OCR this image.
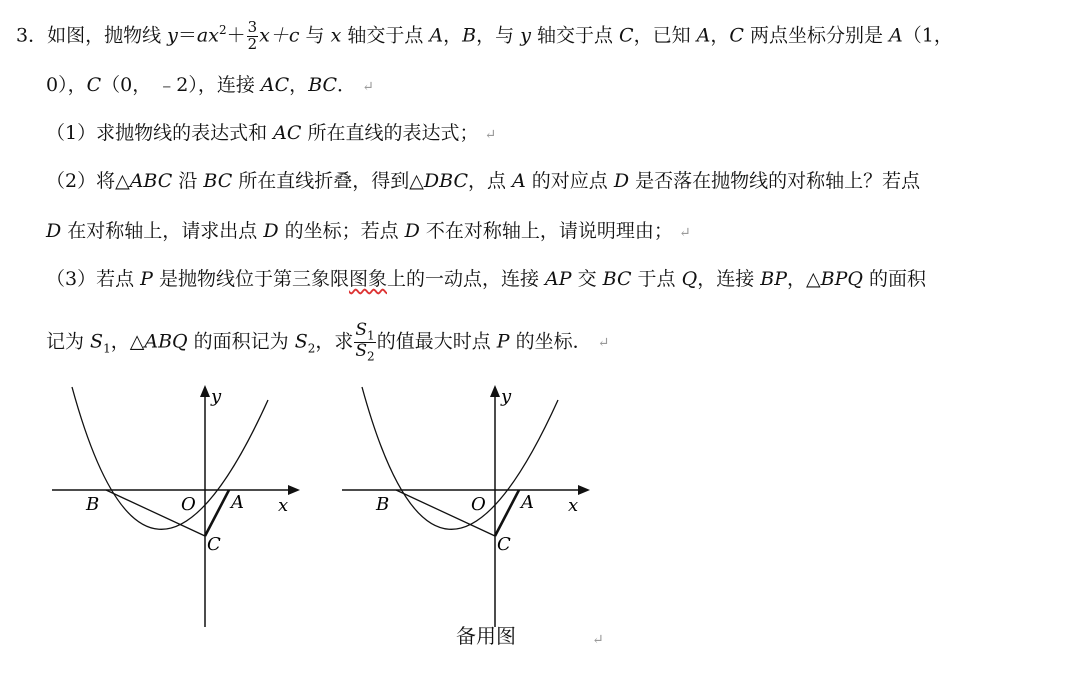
3．如图，抛物线 $y=ax^2+ \frac{3}{2} x+c$ 与 x 轴交于点 A，B，与 y 轴交于点 C，已知 A，C 两点坐标分别是 A（1，
0），C（0， ﹣2），连接 AC，BC． ↵
（1）求抛物线的表达式和 AC 所在直线的表达式； ↵
（2）将△ABC 沿 BC 所在直线折叠，得到△DBC，点 A 的对应点 D 是否落在抛物线的对称轴上？若点
D 在对称轴上，请求出点 D 的坐标；若点 D 不在对称轴上，请说明理由； ↵
（3）若点 P 是抛物线位于第三象限图象上的一动点，连接 AP 交 BC 于点 Q，连接 BP，△BPQ 的面积
记为 $S_1$，△ABQ 的面积记为 $S_2$，求 $\frac{S_1}{S_2}$ 的值最大时点 P 的坐标． ↵
B	O A
C
x
y
B	O A
C
x
y
备用图	↵
